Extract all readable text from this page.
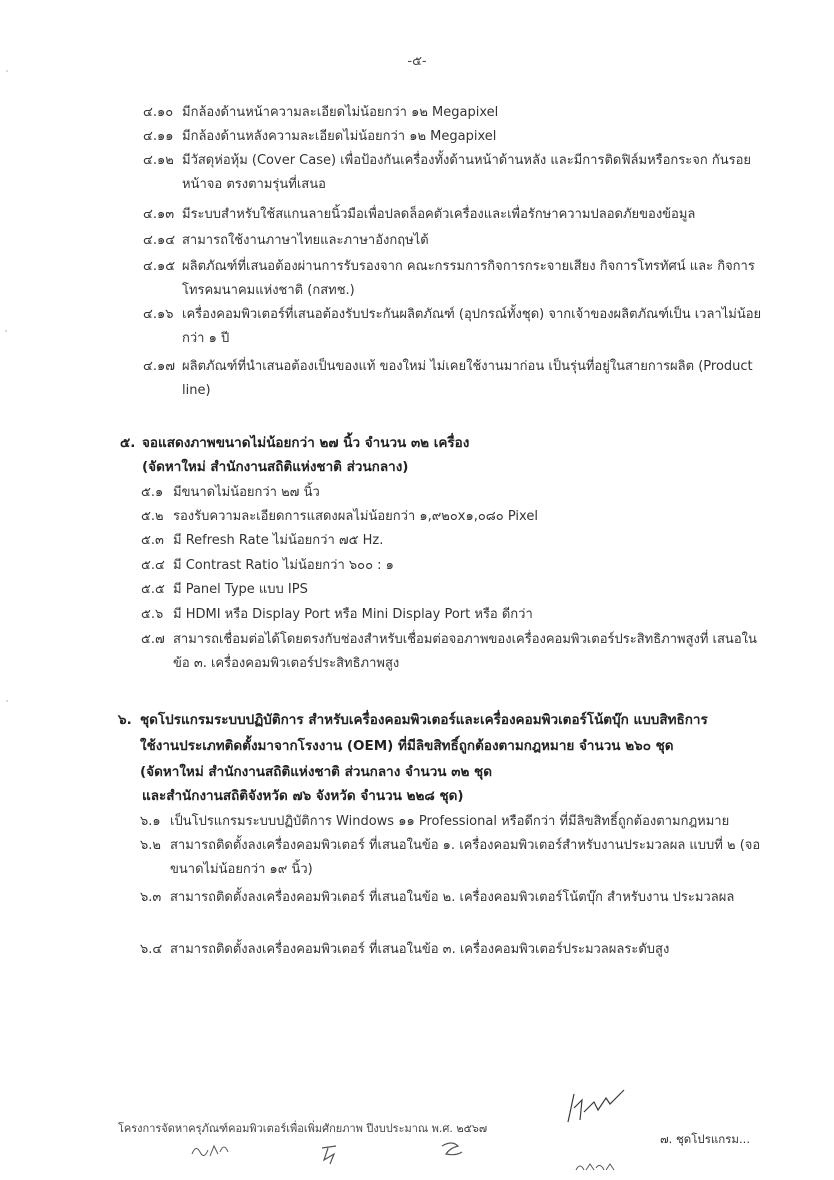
-๕-
๔.๑๐ มีกล้องด้านหน้าความละเอียดไม่น้อยกว่า ๑๒ Megapixel
๔.๑๑ มีกล้องด้านหลังความละเอียดไม่น้อยกว่า ๑๒ Megapixel
๔.๑๒ มีวัสดุห่อหุ้ม (Cover Case) เพื่อป้องกันเครื่องทั้งด้านหน้าด้านหลัง และมีการติดฟิล์มหรือกระจก กันรอยหน้าจอ ตรงตามรุ่นที่เสนอ
๔.๑๓ มีระบบสำหรับใช้สแกนลายนิ้วมือเพื่อปลดล็อคตัวเครื่องและเพื่อรักษาความปลอดภัยของข้อมูล
๔.๑๔ สามารถใช้งานภาษาไทยและภาษาอังกฤษได้
๔.๑๕ ผลิตภัณฑ์ที่เสนอต้องผ่านการรับรองจาก คณะกรรมการกิจการกระจายเสียง กิจการโทรทัศน์ และ กิจการโทรคมนาคมแห่งชาติ (กสทช.)
๔.๑๖ เครื่องคอมพิวเตอร์ที่เสนอต้องรับประกันผลิตภัณฑ์ (อุปกรณ์ทั้งชุด) จากเจ้าของผลิตภัณฑ์เป็น เวลาไม่น้อยกว่า ๑ ปี
๔.๑๗ ผลิตภัณฑ์ที่นำเสนอต้องเป็นของแท้ ของใหม่ ไม่เคยใช้งานมาก่อน เป็นรุ่นที่อยู่ในสายการผลิต (Product line)
๕. จอแสดงภาพขนาดไม่น้อยกว่า ๒๗ นิ้ว จำนวน ๓๒ เครื่อง
(จัดหาใหม่ สำนักงานสถิติแห่งชาติ ส่วนกลาง)
๕.๑ มีขนาดไม่น้อยกว่า ๒๗ นิ้ว
๕.๒ รองรับความละเอียดการแสดงผลไม่น้อยกว่า ๑,๙๒๐x๑,๐๘๐ Pixel
๕.๓ มี Refresh Rate ไม่น้อยกว่า ๗๕ Hz.
๕.๔ มี Contrast Ratio ไม่น้อยกว่า ๖๐๐ : ๑
๕.๕ มี Panel Type แบบ IPS
๕.๖ มี HDMI หรือ Display Port หรือ Mini Display Port หรือ ดีกว่า
๕.๗ สามารถเชื่อมต่อได้โดยตรงกับช่องสำหรับเชื่อมต่อจอภาพของเครื่องคอมพิวเตอร์ประสิทธิภาพสูงที่ เสนอในข้อ ๓. เครื่องคอมพิวเตอร์ประสิทธิภาพสูง
๖. ชุดโปรแกรมระบบปฏิบัติการ สำหรับเครื่องคอมพิวเตอร์และเครื่องคอมพิวเตอร์โน้ตบุ๊ก แบบสิทธิการ
ใช้งานประเภทติดตั้งมาจากโรงงาน (OEM) ที่มีลิขสิทธิ์ถูกต้องตามกฎหมาย จำนวน ๒๖๐ ชุด
(จัดหาใหม่ สำนักงานสถิติแห่งชาติ ส่วนกลาง จำนวน ๓๒ ชุด
และสำนักงานสถิติจังหวัด ๗๖ จังหวัด จำนวน ๒๒๘ ชุด)
๖.๑ เป็นโปรแกรมระบบปฏิบัติการ Windows ๑๑ Professional หรือดีกว่า ที่มีลิขสิทธิ์ถูกต้องตามกฎหมาย
๖.๒ สามารถติดตั้งลงเครื่องคอมพิวเตอร์ ที่เสนอในข้อ ๑. เครื่องคอมพิวเตอร์สำหรับงานประมวลผล แบบที่ ๒ (จอขนาดไม่น้อยกว่า ๑๙ นิ้ว)
๖.๓ สามารถติดตั้งลงเครื่องคอมพิวเตอร์ ที่เสนอในข้อ ๒. เครื่องคอมพิวเตอร์โน้ตบุ๊ก สำหรับงาน ประมวลผล
๖.๔ สามารถติดตั้งลงเครื่องคอมพิวเตอร์ ที่เสนอในข้อ ๓. เครื่องคอมพิวเตอร์ประมวลผลระดับสูง
โครงการจัดหาครุภัณฑ์คอมพิวเตอร์เพื่อเพิ่มศักยภาพ ปีงบประมาณ พ.ศ. ๒๕๖๗
๗. ชุดโปรแกรม...
